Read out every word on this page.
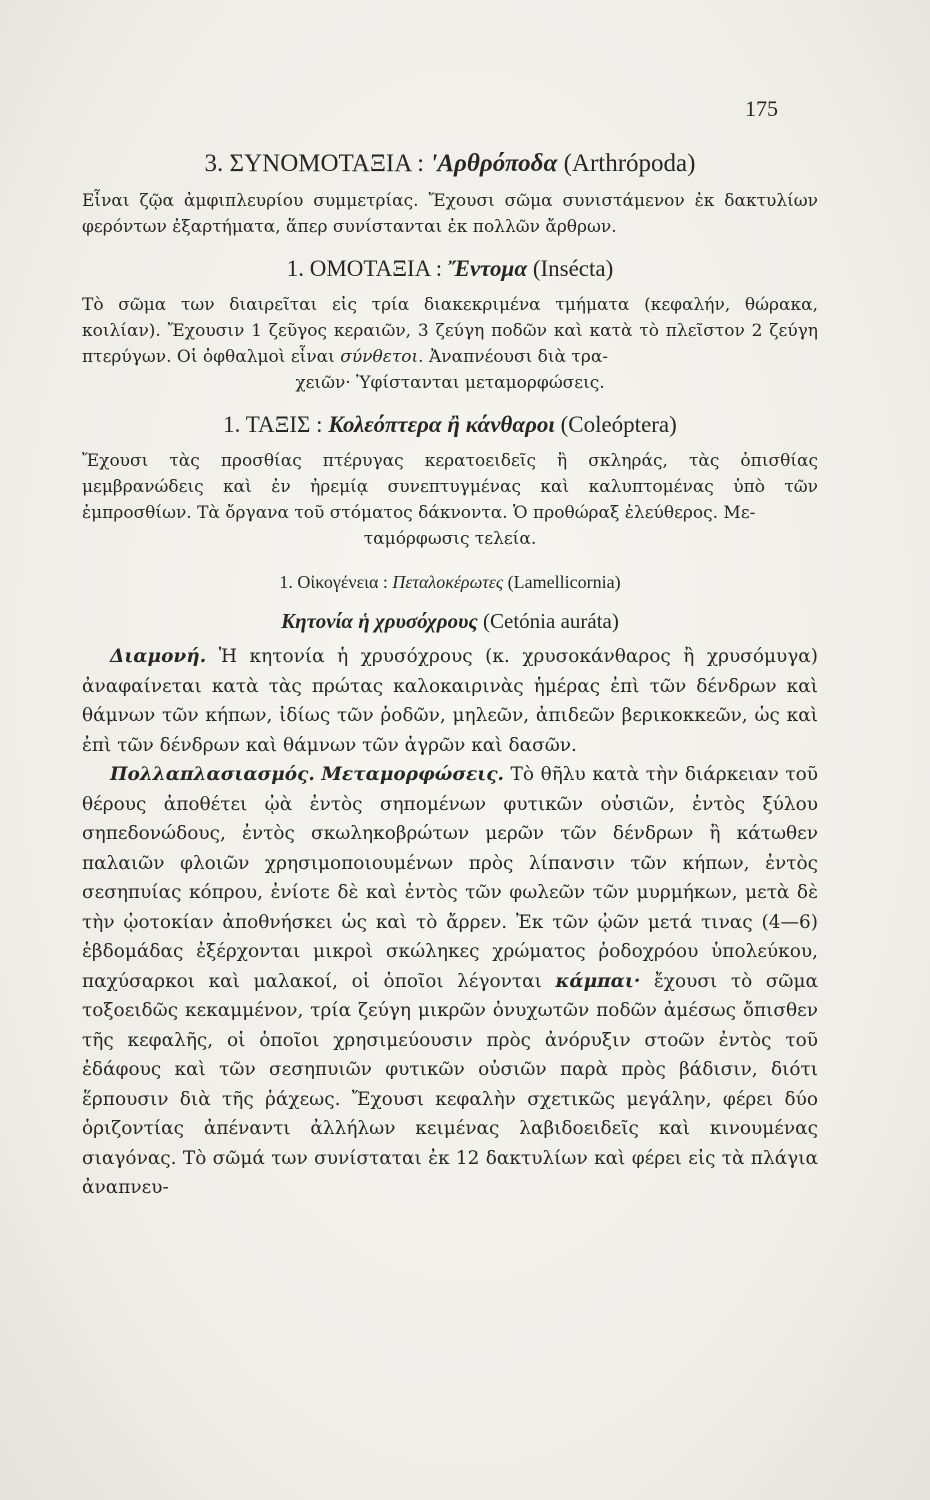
175
3. ΣΥΝΟΜΟΤΑΞΙΑ : 'Αρθρόποδα (Arthrópoda)

Εἶναι ζῷα ἀμφιπλευρίου συμμετρίας. Ἔχουσι σῶμα συνιστάμενον ἐκ δακτυλίων φερόντων ἐξαρτήματα, ἅπερ συνίστανται ἐκ πολλῶν ἄρθρων.

1. ΟΜΟΤΑΞΙΑ : Ἔντομα (Insécta)

Τὸ σῶμα των διαιρεῖται εἰς τρία διακεκριμένα τμήματα (κεφαλήν, θώρακα, κοιλίαν). Ἔχουσιν 1 ζεῦγος κεραιῶν, 3 ζεύγη ποδῶν καὶ κατὰ τὸ πλεῖστον 2 ζεύγη πτερύγων. Οἱ ὀφθαλμοὶ εἶναι σύνθετοι. Ἀναπνέουσι διὰ τρα-

χειῶν· Ὑφίστανται μεταμορφώσεις.

1. ΤΑΞΙΣ : Κολεόπτερα ἢ κάνθαροι (Coleóptera)

Ἔχουσι τὰς προσθίας πτέρυγας κερατοειδεῖς ἢ σκληράς, τὰς ὀπισθίας μεμβρανώδεις καὶ ἐν ἠρεμίᾳ συνεπτυγμένας καὶ καλυπτομένας ὑπὸ τῶν ἐμπροσθίων. Τὰ ὄργανα τοῦ στόματος δάκνοντα. Ὁ προθώραξ ἐλεύθερος. Με-

ταμόρφωσις τελεία.

1. Οἰκογένεια : Πεταλοκέρωτες (Lamellicornia)
Κητονία ἡ χρυσόχρους (Cetónia auráta)

Διαμονή. Ἡ κητονία ἡ χρυσόχρους (κ. χρυσοκάνθαρος ἢ χρυσόμυγα) ἀναφαίνεται κατὰ τὰς πρώτας καλοκαιρινὰς ἡμέρας ἐπὶ τῶν δένδρων καὶ θάμνων τῶν κήπων, ἰδίως τῶν ῥοδῶν, μηλεῶν, ἀπιδεῶν βερικοκκεῶν, ὡς καὶ ἐπὶ τῶν δένδρων καὶ θάμνων τῶν ἀγρῶν καὶ δασῶν.

Πολλαπλασιασμός. Μεταμορφώσεις. Τὸ θῆλυ κατὰ τὴν διάρκειαν τοῦ θέρους ἀποθέτει ᾠὰ ἐντὸς σηπομένων φυτικῶν οὐσιῶν, ἐντὸς ξύλου σηπεδονώδους, ἐντὸς σκωληκοβρώτων μερῶν τῶν δένδρων ἢ κάτωθεν παλαιῶν φλοιῶν χρησιμοποιουμένων πρὸς λίπανσιν τῶν κήπων, ἐντὸς σεσηπυίας κόπρου, ἐνίοτε δὲ καὶ ἐντὸς τῶν φωλεῶν τῶν μυρμήκων, μετὰ δὲ τὴν ᾠοτοκίαν ἀποθνήσκει ὡς καὶ τὸ ἄρρεν. Ἐκ τῶν ᾠῶν μετά τινας (4—6) ἑβδομάδας ἐξέρχονται μικροὶ σκώληκες χρώματος ῥοδοχρόου ὑπολεύκου, παχύσαρκοι καὶ μαλακοί, οἱ ὁποῖοι λέγονται κάμπαι· ἔχουσι τὸ σῶμα τοξοειδῶς κεκαμμένον, τρία ζεύγη μικρῶν ὀνυχωτῶν ποδῶν ἀμέσως ὄπισθεν τῆς κεφαλῆς, οἱ ὁποῖοι χρησιμεύουσιν πρὸς ἀνόρυξιν στοῶν ἐντὸς τοῦ ἐδάφους καὶ τῶν σεσηπυιῶν φυτικῶν οὐσιῶν παρὰ πρὸς βάδισιν, διότι ἕρπουσιν διὰ τῆς ῥάχεως. Ἔχουσι κεφαλὴν σχετικῶς μεγάλην, φέρει δύο ὁριζοντίας ἀπέναντι ἀλλήλων κειμένας λαβιδοειδεῖς καὶ κινουμένας σιαγόνας. Τὸ σῶμά των συνίσταται ἐκ 12 δακτυλίων καὶ φέρει εἰς τὰ πλάγια ἀναπνευ-
